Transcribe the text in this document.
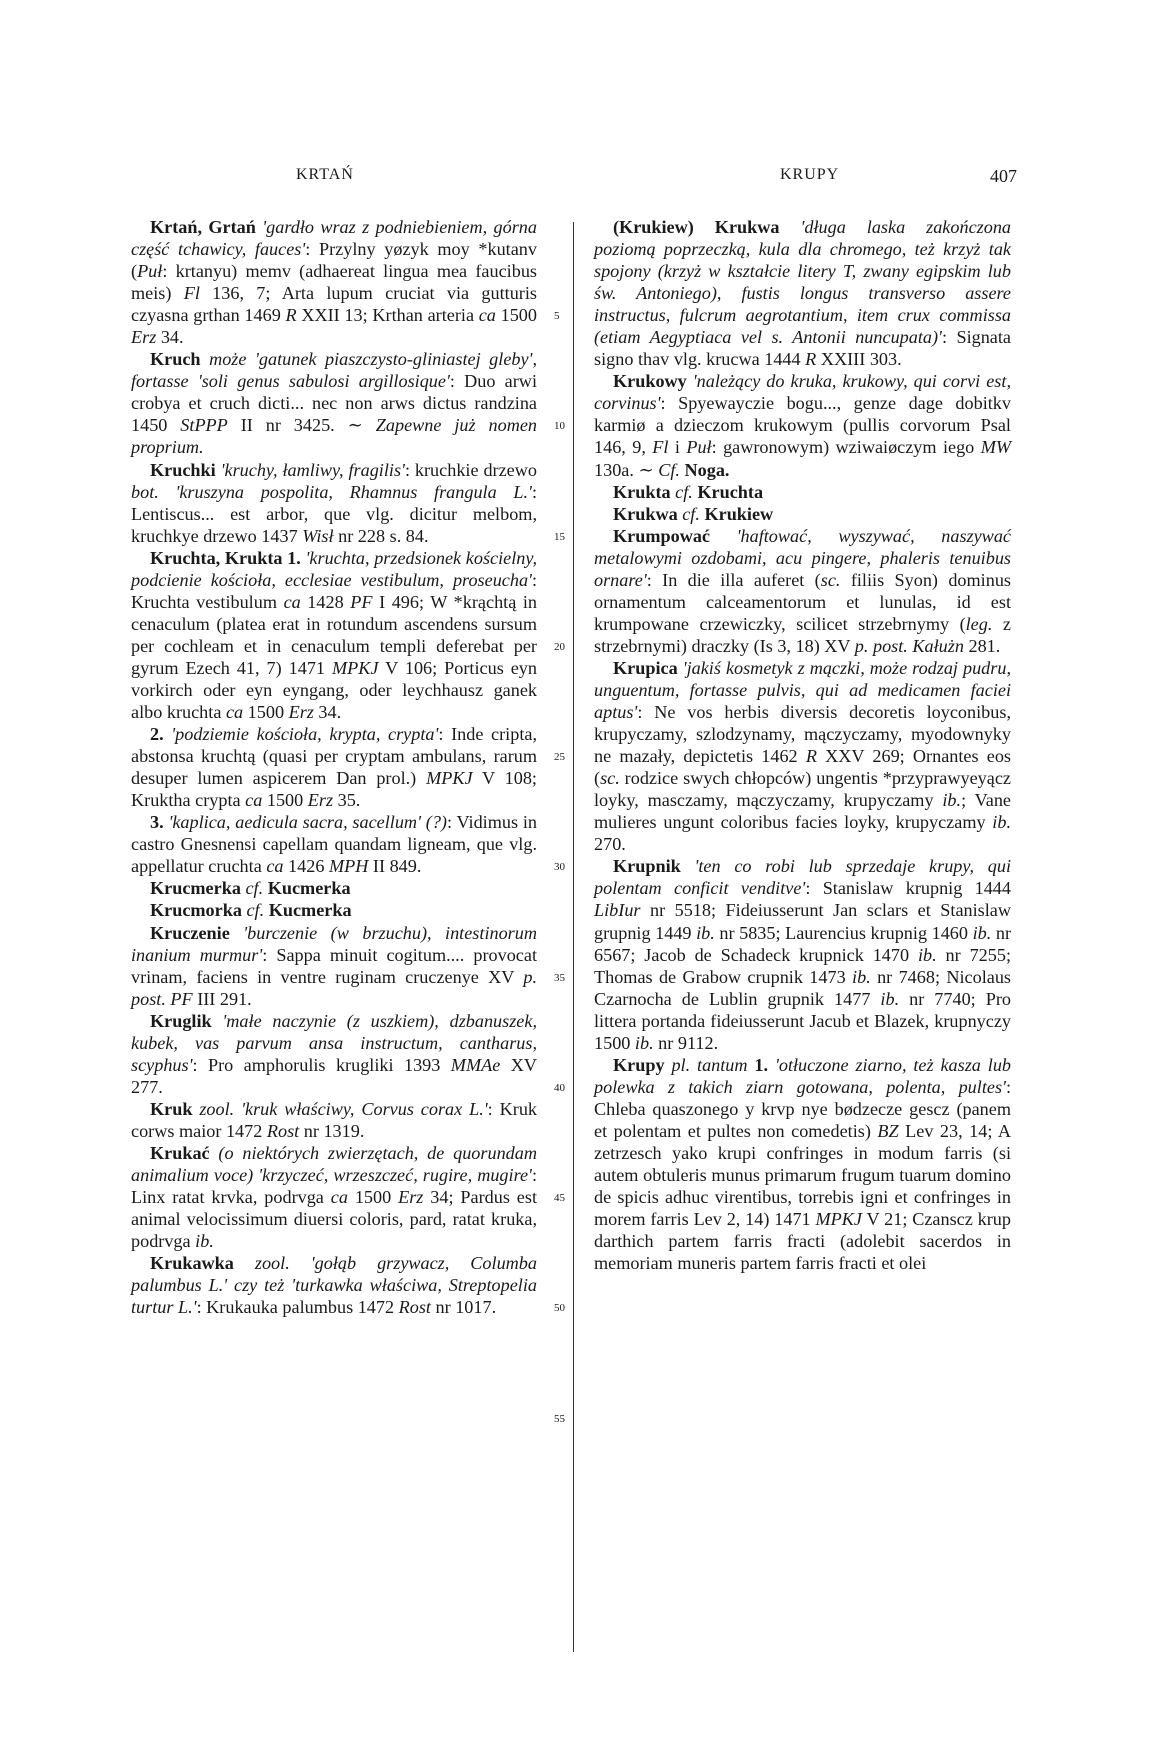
KRTAŃ	KRUPY	407

Krtań, Grtań 'gardło wraz z podniebieniem, górna część tchawicy, fauces': Przylny yøzyk moy *kutanv (Puł: krtanyu) memv (adhaereat lingua mea faucibus meis) Fl 136, 7; Arta lupum cruciat via gutturis czyasna grthan 1469 R XXII 13; Krthan arteria ca 1500 Erz 34.

Kruch może 'gatunek piaszczysto-gliniastej gleby', fortasse 'soli genus sabulosi argillosique': Duo arwi crobya et cruch dicti... nec non arws dictus randzina 1450 StPPP II nr 3425. ∼ Zapewne już nomen proprium.

Kruchki 'kruchy, łamliwy, fragilis': kruchkie drzewo bot. 'kruszyna pospolita, Rhamnus frangula L.': Lentiscus... est arbor, que vlg. dicitur melbom, kruchkye drzewo 1437 Wisł nr 228 s. 84.

Kruchta, Krukta 1. 'kruchta, przedsionek kościelny, podcienie kościoła, ecclesiae vestibulum, proseucha': Kruchta vestibulum ca 1428 PF I 496; W *krąchtą in cenaculum (platea erat in rotundum ascendens sursum per cochleam et in cenaculum templi deferebat per gyrum Ezech 41, 7) 1471 MPKJ V 106; Porticus eyn vorkirch oder eyn eyngang, oder leychhausz ganek albo kruchta ca 1500 Erz 34.

2. 'podziemie kościoła, krypta, crypta': Inde cripta, abstonsa kruchtą (quasi per cryptam ambulans, rarum desuper lumen aspicerem Dan prol.) MPKJ V 108; Kruktha crypta ca 1500 Erz 35.

3. 'kaplica, aedicula sacra, sacellum' (?): Vidimus in castro Gnesnensi capellam quandam ligneam, que vlg. appellatur cruchta ca 1426 MPH II 849.

Krucmerka cf. Kucmerka

Krucmorka cf. Kucmerka

Kruczenie 'burczenie (w brzuchu), intestinorum inanium murmur': Sappa minuit cogitum.... provocat vrinam, faciens in ventre ruginam cruczenye XV p. post. PF III 291.

Kruglik 'małe naczynie (z uszkiem), dzbanuszek, kubek, vas parvum ansa instructum, cantharus, scyphus': Pro amphorulis krugliki 1393 MMAe XV 277.

Kruk zool. 'kruk właściwy, Corvus corax L.': Kruk corws maior 1472 Rost nr 1319.

Krukać (o niektórych zwierzętach, de quorundam animalium voce) 'krzyczeć, wrzeszczeć, rugire, mugire': Linx ratat krvka, podrvga ca 1500 Erz 34; Pardus est animal velocissimum diuersi coloris, pard, ratat kruka, podrvga ib.

Krukawka zool. 'gołąb grzywacz, Columba palumbus L.' czy też 'turkawka właściwa, Streptopelia turtur L.': Krukauka palumbus 1472 Rost nr 1017.

5
10
15
20
25
30
35
40
45
50
55

(Krukiew) Krukwa 'długa laska zakończona poziomą poprzeczką, kula dla chromego, też krzyż tak spojony (krzyż w kształcie litery T, zwany egipskim lub św. Antoniego), fustis longus transverso assere instructus, fulcrum aegrotantium, item crux commissa (etiam Aegyptiaca vel s. Antonii nuncupata)': Signata signo thav vlg. krucwa 1444 R XXIII 303.

Krukowy 'należący do kruka, krukowy, qui corvi est, corvinus': Spyewayczie bogu..., genze dage dobitkv karmiø a dzieczom krukowym (pullis corvorum Psal 146, 9, Fl i Puł: gawronowym) wziwaiøczym iego MW 130a. ∼ Cf. Noga.

Krukta cf. Kruchta

Krukwa cf. Krukiew

Krumpować 'haftować, wyszywać, naszywać metalowymi ozdobami, acu pingere, phaleris tenuibus ornare': In die illa auferet (sc. filiis Syon) dominus ornamentum calceamentorum et lunulas, id est krumpowane crzewiczky, scilicet strzebrnymy (leg. z strzebrnymi) draczky (Is 3, 18) XV p. post. Kałużn 281.

Krupica 'jakiś kosmetyk z mączki, może rodzaj pudru, unguentum, fortasse pulvis, qui ad medicamen faciei aptus': Ne vos herbis diversis decoretis loyconibus, krupyczamy, szlodzynamy, mączyczamy, myodownyky ne mazały, depictetis 1462 R XXV 269; Ornantes eos (sc. rodzice swych chłopców) ungentis *przyprawyeyącz loyky, masczamy, mączyczamy, krupyczamy ib.; Vane mulieres ungunt coloribus facies loyky, krupyczamy ib. 270.

Krupnik 'ten co robi lub sprzedaje krupy, qui polentam conficit venditve': Stanislaw krupnig 1444 LibIur nr 5518; Fideiusserunt Jan sclars et Stanislaw grupnig 1449 ib. nr 5835; Laurencius krupnig 1460 ib. nr 6567; Jacob de Schadeck krupnick 1470 ib. nr 7255; Thomas de Grabow crupnik 1473 ib. nr 7468; Nicolaus Czarnocha de Lublin grupnik 1477 ib. nr 7740; Pro littera portanda fideiusserunt Jacub et Blazek, krupnyczy 1500 ib. nr 9112.

Krupy pl. tantum 1. 'otłuczone ziarno, też kasza lub polewka z takich ziarn gotowana, polenta, pultes': Chleba quaszonego y krvp nye bødzecze gescz (panem et polentam et pultes non comedetis) BZ Lev 23, 14; A zetrzesch yako krupi confringes in modum farris (si autem obtuleris munus primarum frugum tuarum domino de spicis adhuc virentibus, torrebis igni et confringes in morem farris Lev 2, 14) 1471 MPKJ V 21; Czanscz krup darthich partem farris fracti (adolebit sacerdos in memoriam muneris partem farris fracti et olei
